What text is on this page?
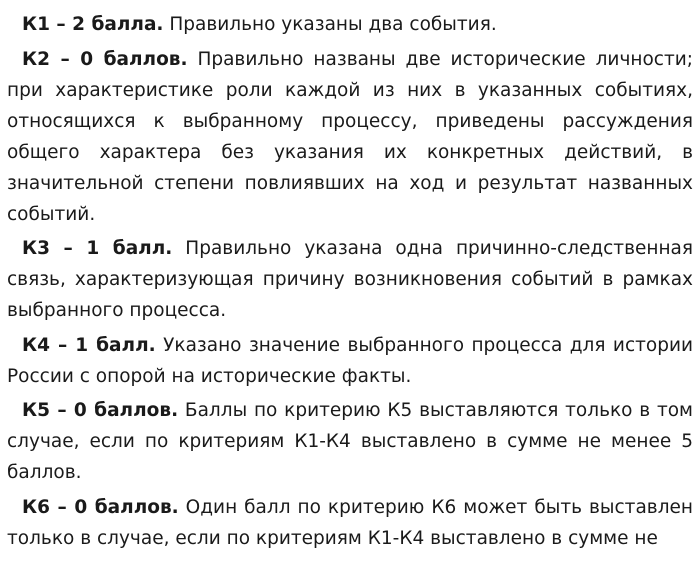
К1 – 2 балла. Правильно указаны два события.

К2 – 0 баллов. Правильно названы две исторические личности; при характеристике роли каждой из них в указанных событиях, относящихся к выбранному процессу, приведены рассуждения общего характера без указания их конкретных действий, в значительной степени повлиявших на ход и результат названных событий.

К3 – 1 балл. Правильно указана одна причинно-следственная связь, характеризующая причину возникновения событий в рамках выбранного процесса.

К4 – 1 балл. Указано значение выбранного процесса для истории России с опорой на исторические факты.

К5 – 0 баллов. Баллы по критерию К5 выставляются только в том случае, если по критериям К1-К4 выставлено в сумме не менее 5 баллов.

К6 – 0 баллов. Один балл по критерию К6 может быть выставлен только в случае, если по критериям К1-К4 выставлено в сумме не
